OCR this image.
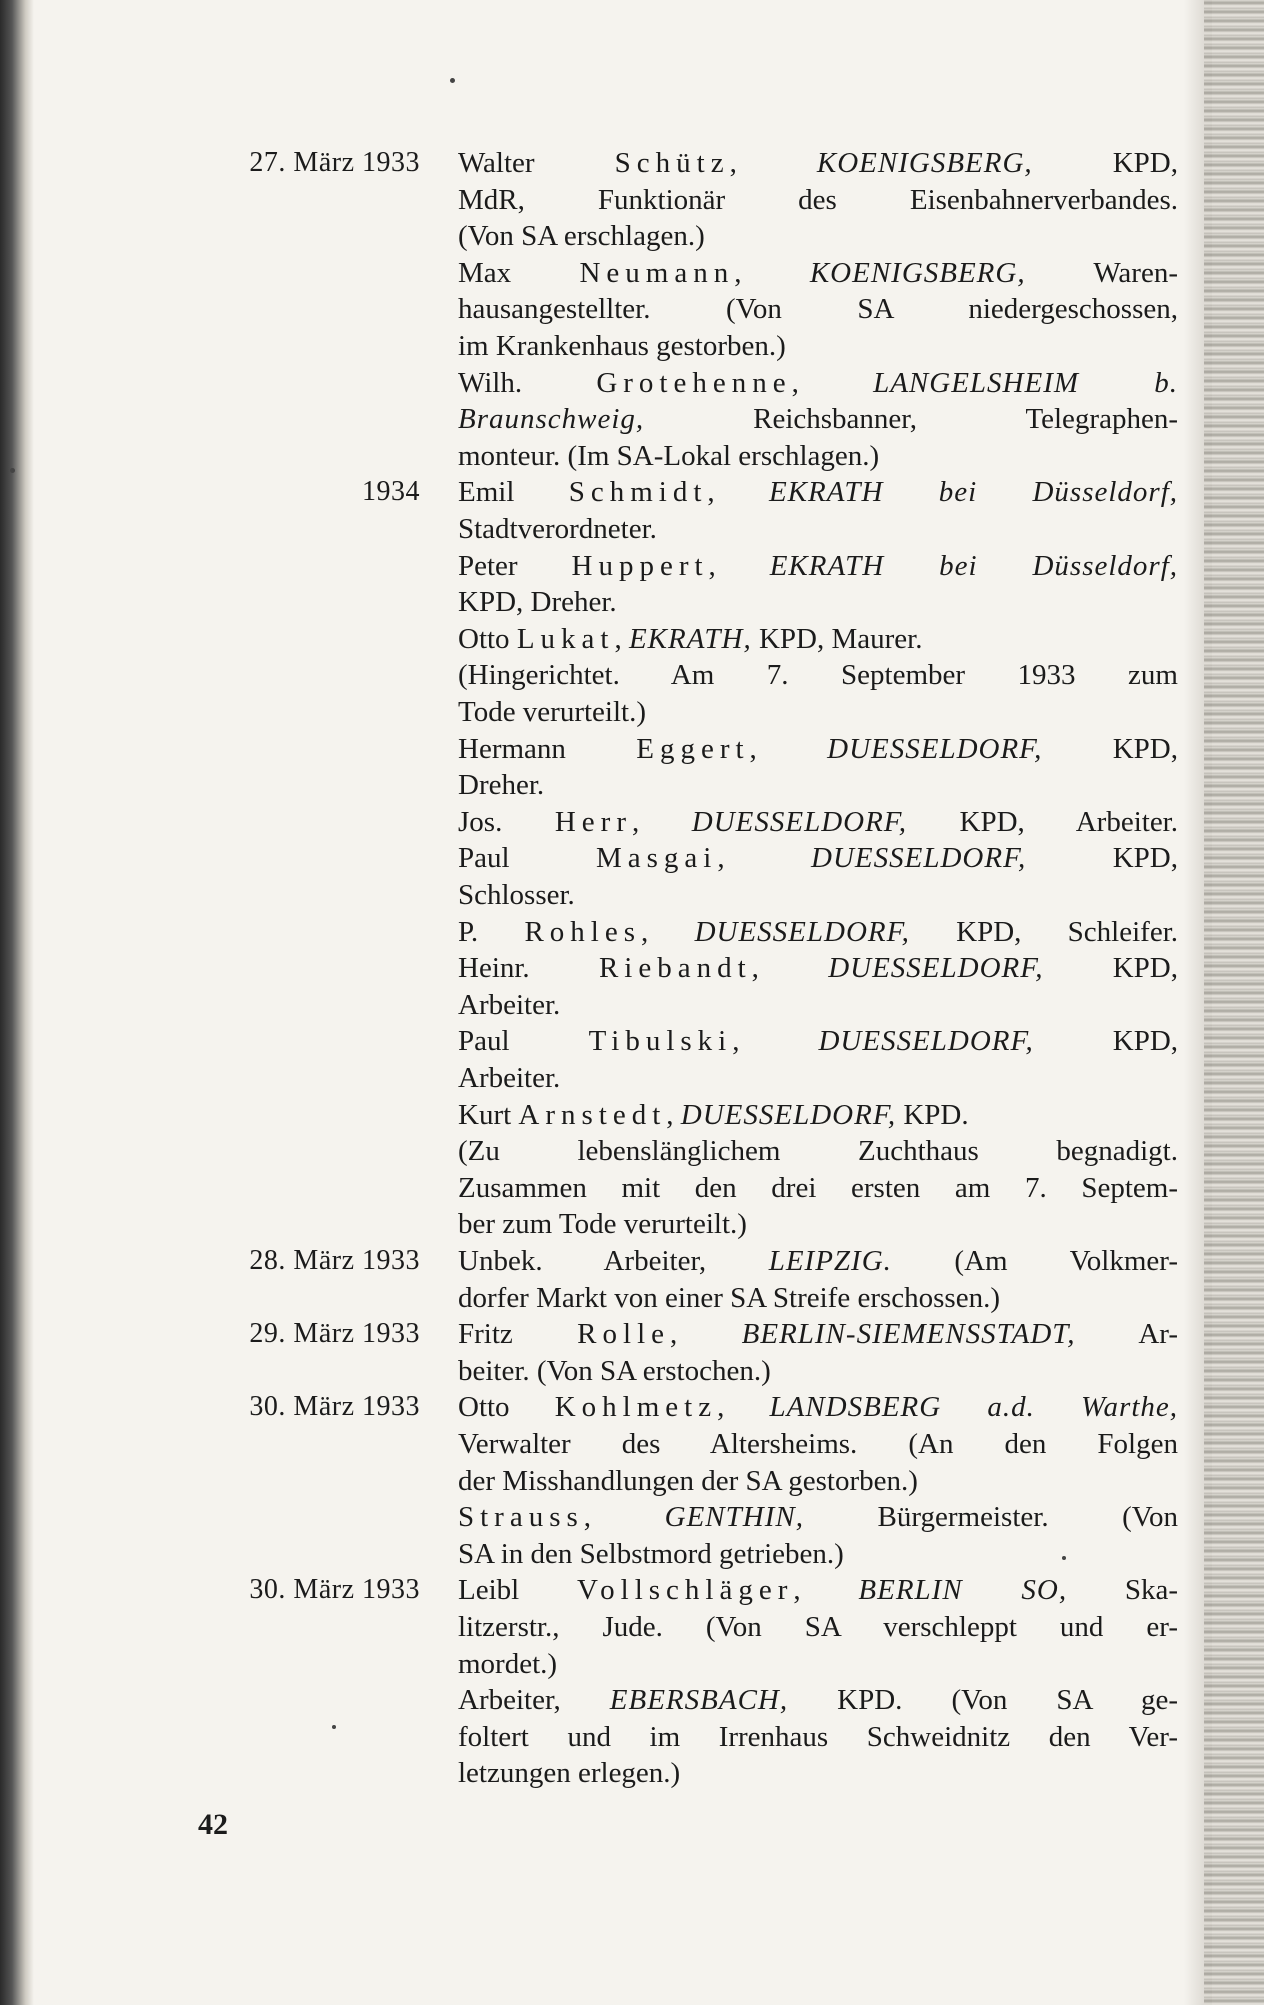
27. März 1933 Walter Schütz, KOENIGSBERG, KPD,
MdR, Funktionär des Eisenbahnerverbandes.
(Von SA erschlagen.)
Max Neumann, KOENIGSBERG, Waren-
hausangestellter. (Von SA niedergeschossen,
im Krankenhaus gestorben.)
Wilh. Grotehenne, LANGELSHEIM b.
Braunschweig, Reichsbanner, Telegraphen-
monteur. (Im SA-Lokal erschlagen.)
1934 Emil Schmidt, EKRATH bei Düsseldorf,
Stadtverordneter.
Peter Huppert, EKRATH bei Düsseldorf,
KPD, Dreher.
Otto Lukat, EKRATH, KPD, Maurer.
(Hingerichtet. Am 7. September 1933 zum
Tode verurteilt.)
Hermann Eggert, DUESSELDORF, KPD,
Dreher.
Jos. Herr, DUESSELDORF, KPD, Arbeiter.
Paul Masgai, DUESSELDORF, KPD,
Schlosser.
P. Rohles, DUESSELDORF, KPD, Schleifer.
Heinr. Riebandt, DUESSELDORF, KPD,
Arbeiter.
Paul Tibulski, DUESSELDORF, KPD,
Arbeiter.
Kurt Arnstedt, DUESSELDORF, KPD.
(Zu lebenslänglichem Zuchthaus begnadigt.
Zusammen mit den drei ersten am 7. Septem-
ber zum Tode verurteilt.)
28. März 1933 Unbek. Arbeiter, LEIPZIG. (Am Volkmer-
dorfer Markt von einer SA Streife erschossen.)
29. März 1933 Fritz Rolle, BERLIN-SIEMENSSTADT, Ar-
beiter. (Von SA erstochen.)
30. März 1933 Otto Kohlmetz, LANDSBERG a.d. Warthe,
Verwalter des Altersheims. (An den Folgen
der Misshandlungen der SA gestorben.)
Strauss, GENTHIN, Bürgermeister. (Von
SA in den Selbstmord getrieben.)
30. März 1933 Leibl Vollschläger, BERLIN SO, Ska-
litzerstr., Jude. (Von SA verschleppt und er-
mordet.)
Arbeiter, EBERSBACH, KPD. (Von SA ge-
foltert und im Irrenhaus Schweidnitz den Ver-
letzungen erlegen.)
42
